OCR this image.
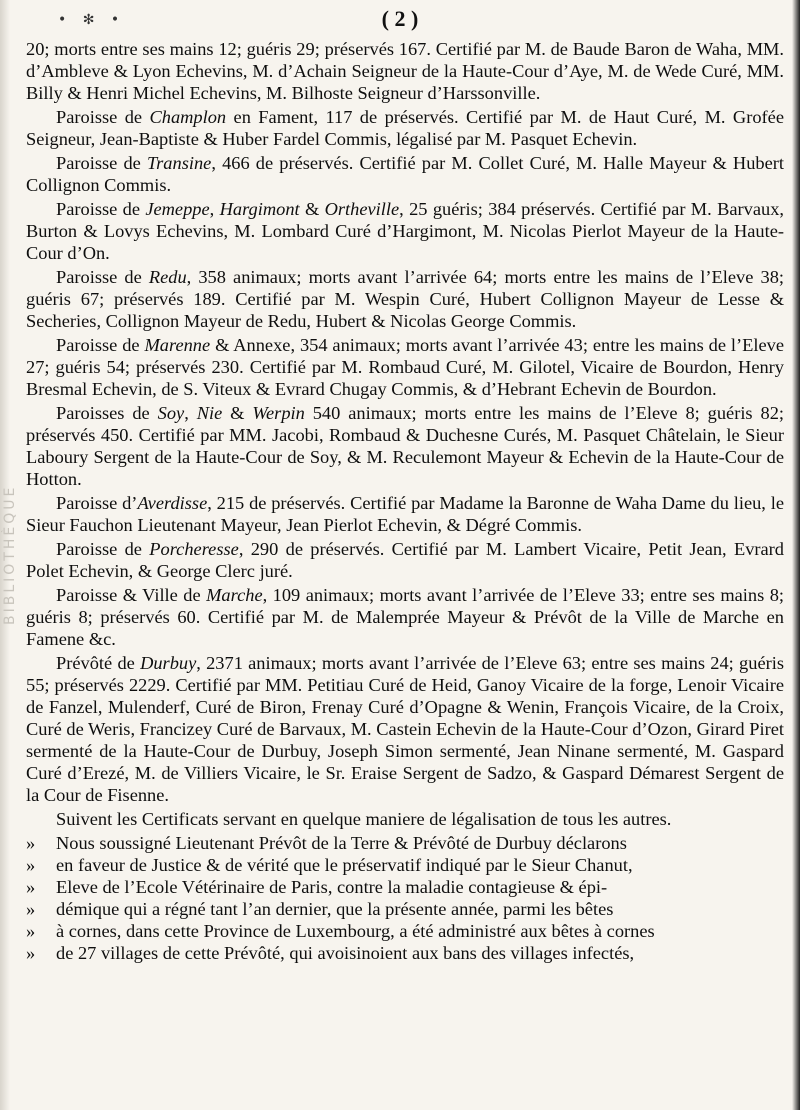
BIBLIOTHÈQUE
• ✻ •	( 2 )

20; morts entre ses mains 12; guéris 29; préservés 167. Certifié par M. de Baude Baron de Waha, MM. d’Ambleve & Lyon Echevins, M. d’Achain Seigneur de la Haute-Cour d’Aye, M. de Wede Curé, MM. Billy & Henri Michel Echevins, M. Bilhoste Seigneur d’Harssonville.

Paroisse de Champlon en Fament, 117 de préservés. Certifié par M. de Haut Curé, M. Grofée Seigneur, Jean-Baptiste & Huber Fardel Commis, légalisé par M. Pasquet Echevin.

Paroisse de Transine, 466 de préservés. Certifié par M. Collet Curé, M. Halle Mayeur & Hubert Collignon Commis.

Paroisse de Jemeppe, Hargimont & Ortheville, 25 guéris; 384 préservés. Certifié par M. Barvaux, Burton & Lovys Echevins, M. Lombard Curé d’Hargimont, M. Nicolas Pierlot Mayeur de la Haute-Cour d’On.

Paroisse de Redu, 358 animaux; morts avant l’arrivée 64; morts entre les mains de l’Eleve 38; guéris 67; préservés 189. Certifié par M. Wespin Curé, Hubert Collignon Mayeur de Lesse & Secheries, Collignon Mayeur de Redu, Hubert & Nicolas George Commis.

Paroisse de Marenne & Annexe, 354 animaux; morts avant l’arrivée 43; entre les mains de l’Eleve 27; guéris 54; préservés 230. Certifié par M. Rombaud Curé, M. Gilotel, Vicaire de Bourdon, Henry Bresmal Echevin, de S. Viteux & Evrard Chugay Commis, & d’Hebrant Echevin de Bourdon.

Paroisses de Soy, Nie & Werpin 540 animaux; morts entre les mains de l’Eleve 8; guéris 82; préservés 450. Certifié par MM. Jacobi, Rombaud & Duchesne Curés, M. Pasquet Châtelain, le Sieur Laboury Sergent de la Haute-Cour de Soy, & M. Reculemont Mayeur & Echevin de la Haute-Cour de Hotton.

Paroisse d’Averdisse, 215 de préservés. Certifié par Madame la Baronne de Waha Dame du lieu, le Sieur Fauchon Lieutenant Mayeur, Jean Pierlot Echevin, & Dégré Commis.

Paroisse de Porcheresse, 290 de préservés. Certifié par M. Lambert Vicaire, Petit Jean, Evrard Polet Echevin, & George Clerc juré.

Paroisse & Ville de Marche, 109 animaux; morts avant l’arrivée de l’Eleve 33; entre ses mains 8; guéris 8; préservés 60. Certifié par M. de Malemprée Mayeur & Prévôt de la Ville de Marche en Famene &c.

Prévôté de Durbuy, 2371 animaux; morts avant l’arrivée de l’Eleve 63; entre ses mains 24; guéris 55; préservés 2229. Certifié par MM. Petitiau Curé de Heid, Ganoy Vicaire de la forge, Lenoir Vicaire de Fanzel, Mulenderf, Curé de Biron, Frenay Curé d’Opagne & Wenin, François Vicaire, de la Croix, Curé de Weris, Francizey Curé de Barvaux, M. Castein Echevin de la Haute-Cour d’Ozon, Girard Piret sermenté de la Haute-Cour de Durbuy, Joseph Simon sermenté, Jean Ninane sermenté, M. Gaspard Curé d’Erezé, M. de Villiers Vicaire, le Sr. Eraise Sergent de Sadzo, & Gaspard Démarest Sergent de la Cour de Fisenne.

Suivent les Certificats servant en quelque maniere de légalisation de tous les autres.

» Nous soussigné Lieutenant Prévôt de la Terre & Prévôté de Durbuy déclarons
» en faveur de Justice & de vérité que le préservatif indiqué par le Sieur Chanut,
» Eleve de l’Ecole Vétérinaire de Paris, contre la maladie contagieuse & épi-
» démique qui a régné tant l’an dernier, que la présente année, parmi les bêtes
» à cornes, dans cette Province de Luxembourg, a été administré aux bêtes à cornes
» de 27 villages de cette Prévôté, qui avoisinoient aux bans des villages infectés,
